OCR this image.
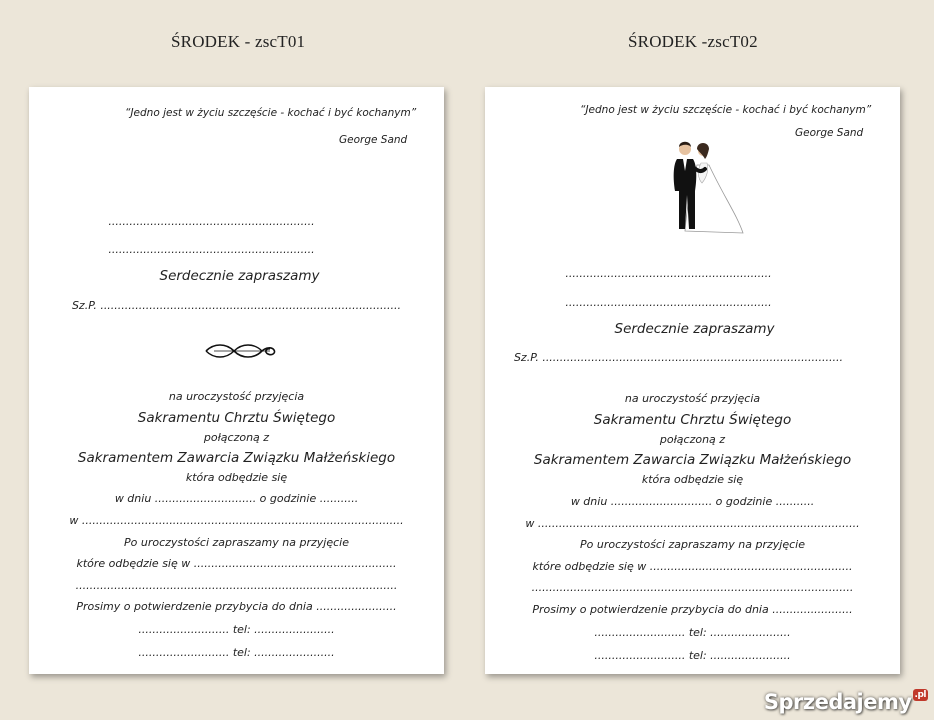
ŚRODEK - zscT01	ŚRODEK -zscT02
“Jedno jest w życiu szczęście - kochać i być kochanym”
George Sand
...........................................................
...........................................................
Serdecznie zapraszamy
Sz.P. ......................................................................................
na uroczystość przyjęcia
Sakramentu Chrztu Świętego
połączoną z
Sakramentem Zawarcia Związku Małżeńskiego
która odbędzie się
w dniu ............................. o godzinie ...........
w ............................................................................................
Po uroczystości zapraszamy na przyjęcie
które odbędzie się w ..........................................................
............................................................................................
Prosimy o potwierdzenie przybycia do dnia .......................
.......................... tel: .......................
.......................... tel: .......................
“Jedno jest w życiu szczęście - kochać i być kochanym”
George Sand
...........................................................
...........................................................
Serdecznie zapraszamy
Sz.P. ......................................................................................
na uroczystość przyjęcia
Sakramentu Chrztu Świętego
połączoną z
Sakramentem Zawarcia Związku Małżeńskiego
która odbędzie się
w dniu ............................. o godzinie ...........
w ............................................................................................
Po uroczystości zapraszamy na przyjęcie
które odbędzie się w ..........................................................
............................................................................................
Prosimy o potwierdzenie przybycia do dnia .......................
.......................... tel: .......................
.......................... tel: .......................
Sprzedajemy $^{.pl}$
